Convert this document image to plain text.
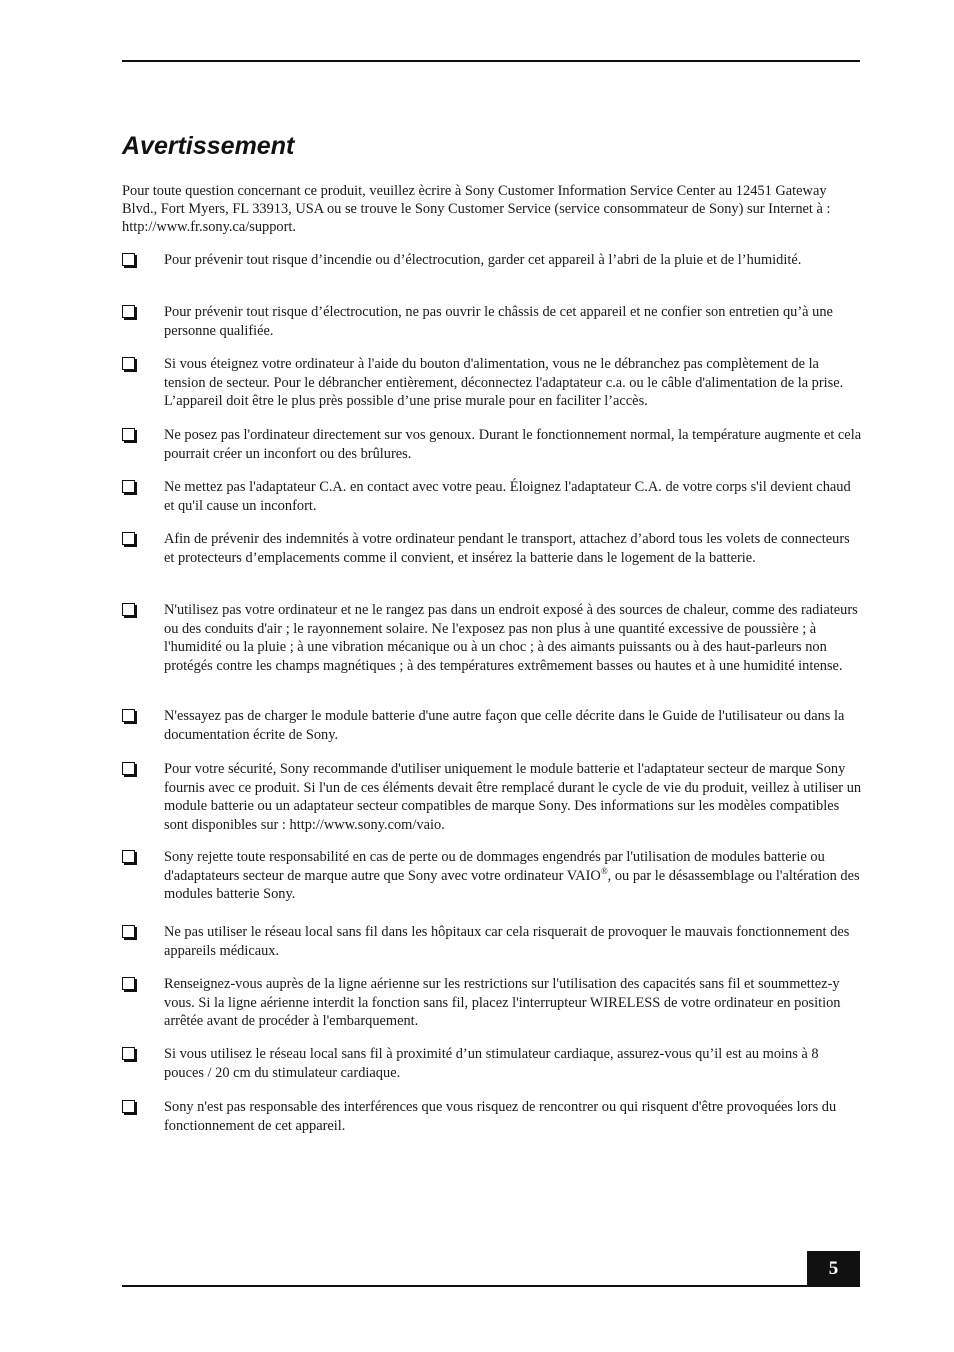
Avertissement

Pour toute question concernant ce produit, veuillez ècrire à Sony Customer Information Service Center au 12451 Gateway Blvd., Fort Myers, FL 33913, USA ou se trouve le Sony Customer Service (service consommateur de Sony) sur Internet à : http://www.fr.sony.ca/support.

Pour prévenir tout risque d’incendie ou d’électrocution, garder cet appareil à l’abri de la pluie et de l’humidité.

Pour prévenir tout risque d’électrocution, ne pas ouvrir le châssis de cet appareil et ne confier son entretien qu’à une personne qualifiée.

Si vous éteignez votre ordinateur à l'aide du bouton d'alimentation, vous ne le débranchez pas complètement de la tension de secteur. Pour le débrancher entièrement, déconnectez l'adaptateur c.a. ou le câble d'alimentation de la prise. L’appareil doit être le plus près possible d’une prise murale pour en faciliter l’accès.

Ne posez pas l'ordinateur directement sur vos genoux. Durant le fonctionnement normal, la température augmente et cela pourrait créer un inconfort ou des brûlures.

Ne mettez pas l'adaptateur C.A. en contact avec votre peau. Éloignez l'adaptateur C.A. de votre corps s'il devient chaud et qu'il cause un inconfort.

Afin de prévenir des indemnités à votre ordinateur pendant le transport, attachez d’abord tous les volets de connecteurs et protecteurs d’emplacements comme il convient, et insérez la batterie dans le logement de la batterie.

N'utilisez pas votre ordinateur et ne le rangez pas dans un endroit exposé à des sources de chaleur, comme des radiateurs ou des conduits d'air ; le rayonnement solaire. Ne l'exposez pas non plus à une quantité excessive de poussière ; à l'humidité ou la pluie ; à une vibration mécanique ou à un choc ; à des aimants puissants ou à des haut-parleurs non protégés contre les champs magnétiques ; à des températures extrêmement basses ou hautes et à une humidité intense.

N'essayez pas de charger le module batterie d'une autre façon que celle décrite dans le Guide de l'utilisateur ou dans la documentation écrite de Sony.

Pour votre sécurité, Sony recommande d'utiliser uniquement le module batterie et l'adaptateur secteur de marque Sony fournis avec ce produit. Si l'un de ces éléments devait être remplacé durant le cycle de vie du produit, veillez à utiliser un module batterie ou un adaptateur secteur compatibles de marque Sony. Des informations sur les modèles compatibles sont disponibles sur : http://www.sony.com/vaio.

Sony rejette toute responsabilité en cas de perte ou de dommages engendrés par l'utilisation de modules batterie ou d'adaptateurs secteur de marque autre que Sony avec votre ordinateur VAIO®, ou par le désassemblage ou l'altération des modules batterie Sony.

Ne pas utiliser le réseau local sans fil dans les hôpitaux car cela risquerait de provoquer le mauvais fonctionnement des appareils médicaux.

Renseignez-vous auprès de la ligne aérienne sur les restrictions sur l'utilisation des capacités sans fil et soummettez-y vous. Si la ligne aérienne interdit la fonction sans fil, placez l'interrupteur WIRELESS de votre ordinateur en position arrêtée avant de procéder à l'embarquement.

Si vous utilisez le réseau local sans fil à proximité d’un stimulateur cardiaque, assurez-vous qu’il est au moins à 8 pouces / 20 cm du stimulateur cardiaque.

Sony n'est pas responsable des interférences que vous risquez de rencontrer ou qui risquent d'être provoquées lors du fonctionnement de cet appareil.

5
